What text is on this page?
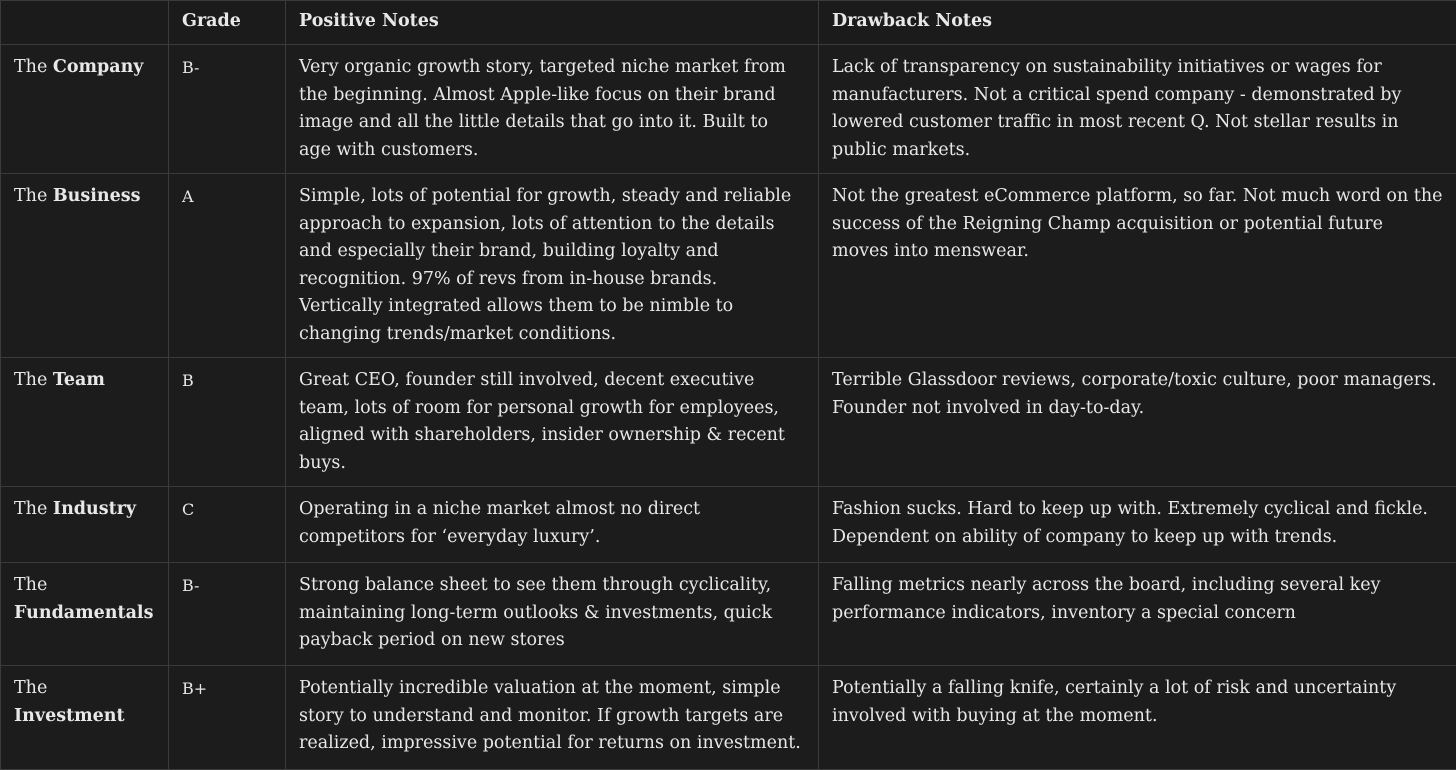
	Grade	Positive Notes	Drawback Notes
The Company	B-	Very organic growth story, targeted niche market from the beginning. Almost Apple-like focus on their brand image and all the little details that go into it. Built to age with customers.	Lack of transparency on sustainability initiatives or wages for manufacturers. Not a critical spend company - demonstrated by lowered customer traffic in most recent Q. Not stellar results in public markets.
The Business	A	Simple, lots of potential for growth, steady and reliable approach to expansion, lots of attention to the details and especially their brand, building loyalty and recognition. 97% of revs from in-house brands. Vertically integrated allows them to be nimble to changing trends/market conditions.	Not the greatest eCommerce platform, so far. Not much word on the success of the Reigning Champ acquisition or potential future moves into menswear.
The Team	B	Great CEO, founder still involved, decent executive team, lots of room for personal growth for employees, aligned with shareholders, insider ownership & recent buys.	Terrible Glassdoor reviews, corporate/toxic culture, poor managers. Founder not involved in day-to-day.
The Industry	C	Operating in a niche market almost no direct competitors for ‘everyday luxury’.	Fashion sucks. Hard to keep up with. Extremely cyclical and fickle. Dependent on ability of company to keep up with trends.
The Fundamentals	B-	Strong balance sheet to see them through cyclicality, maintaining long-term outlooks & investments, quick payback period on new stores	Falling metrics nearly across the board, including several key performance indicators, inventory a special concern
The Investment	B+	Potentially incredible valuation at the moment, simple story to understand and monitor. If growth targets are realized, impressive potential for returns on investment.	Potentially a falling knife, certainly a lot of risk and uncertainty involved with buying at the moment.
